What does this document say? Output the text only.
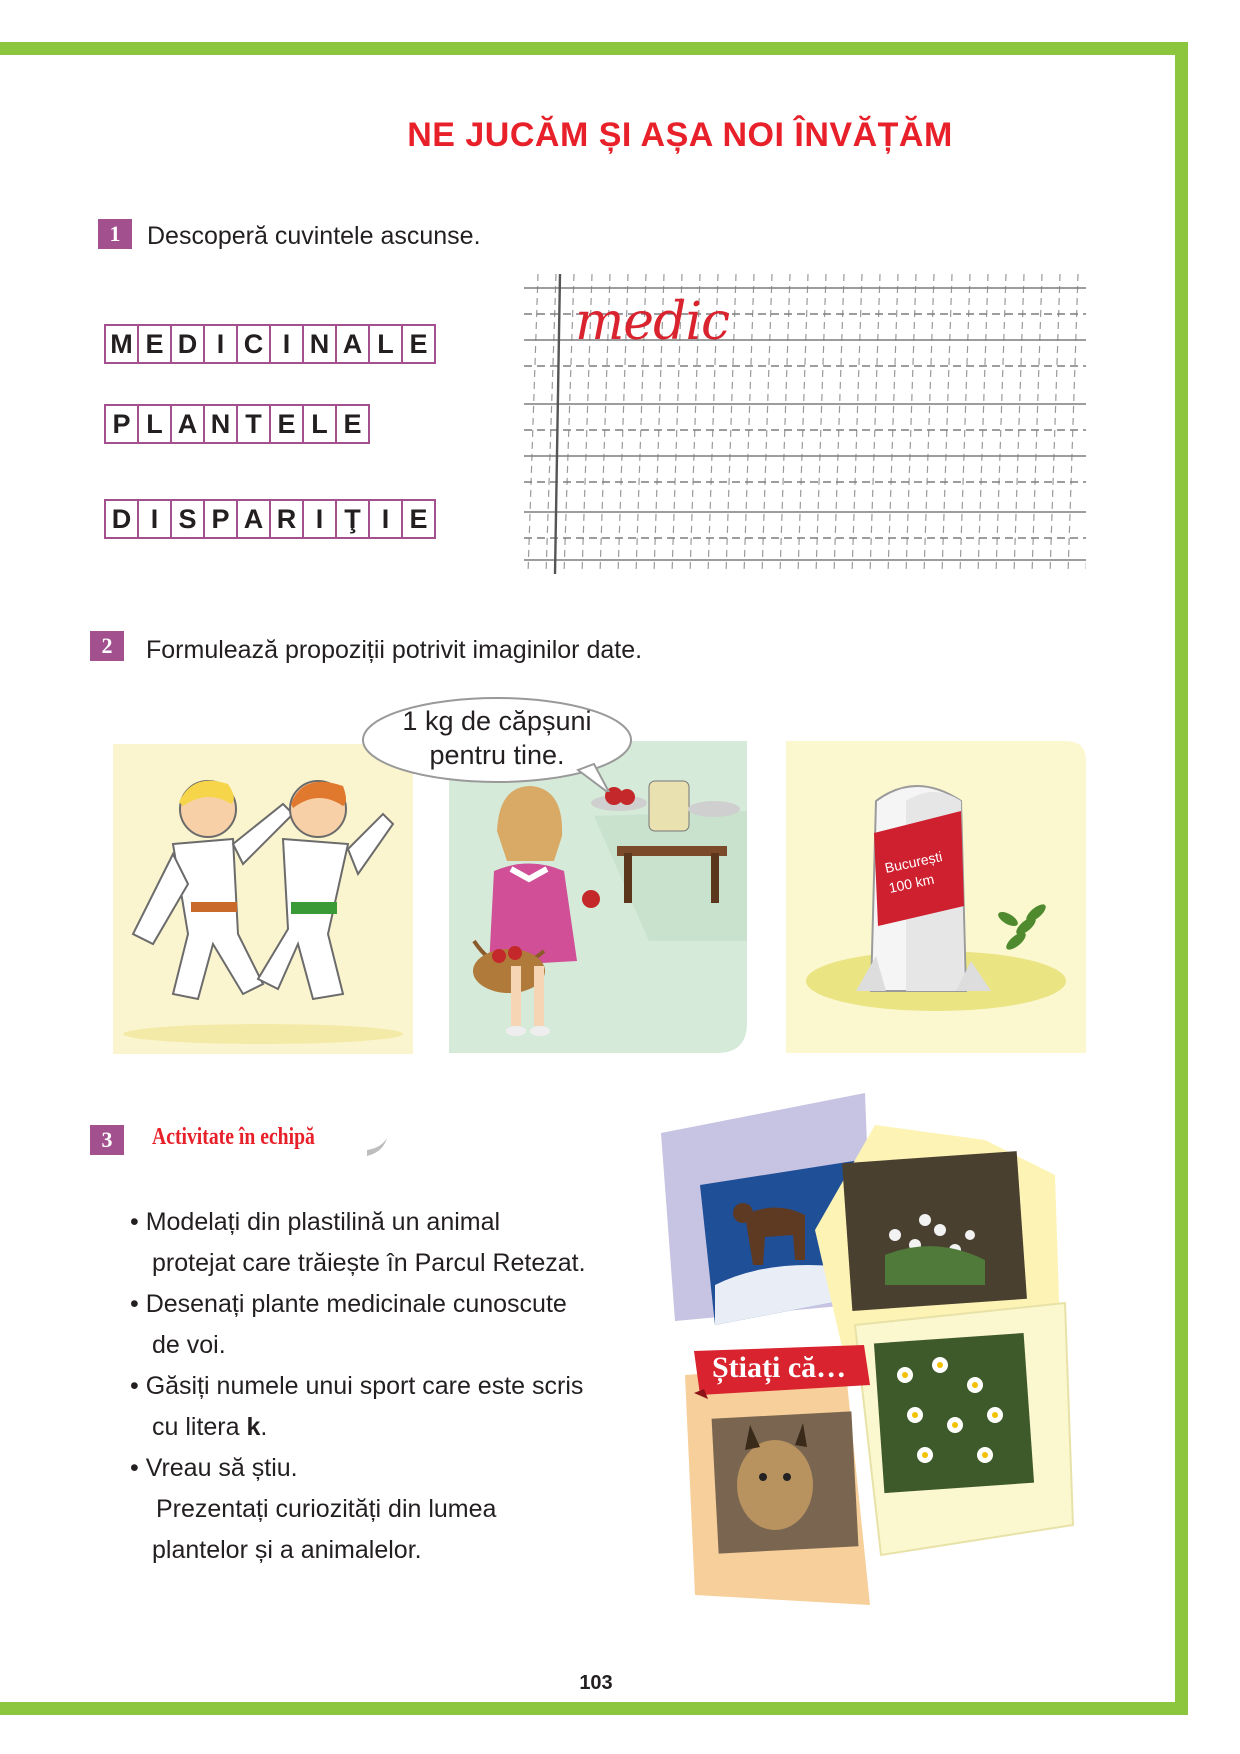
NE JUCĂM ȘI AȘA NOI ÎNVĂȚĂM
1	Descoperă cuvintele ascunse.
M E D I C I N A L E
P L A N T E L E
D I S P A R I Ţ I E
medic
2	Formulează propoziții potrivit imaginilor date.
1 kg de căpșuni
pentru tine.
București
100 km
3	Activitate în echipă
• Modelați din plastilină un animal
protejat care trăiește în Parcul Retezat.
• Desenați plante medicinale cunoscute
de voi.
• Găsiți numele unui sport care este scris
cu litera k.
• Vreau să știu.
Prezentați curiozități din lumea
plantelor și a animalelor.
Știați că…
103
